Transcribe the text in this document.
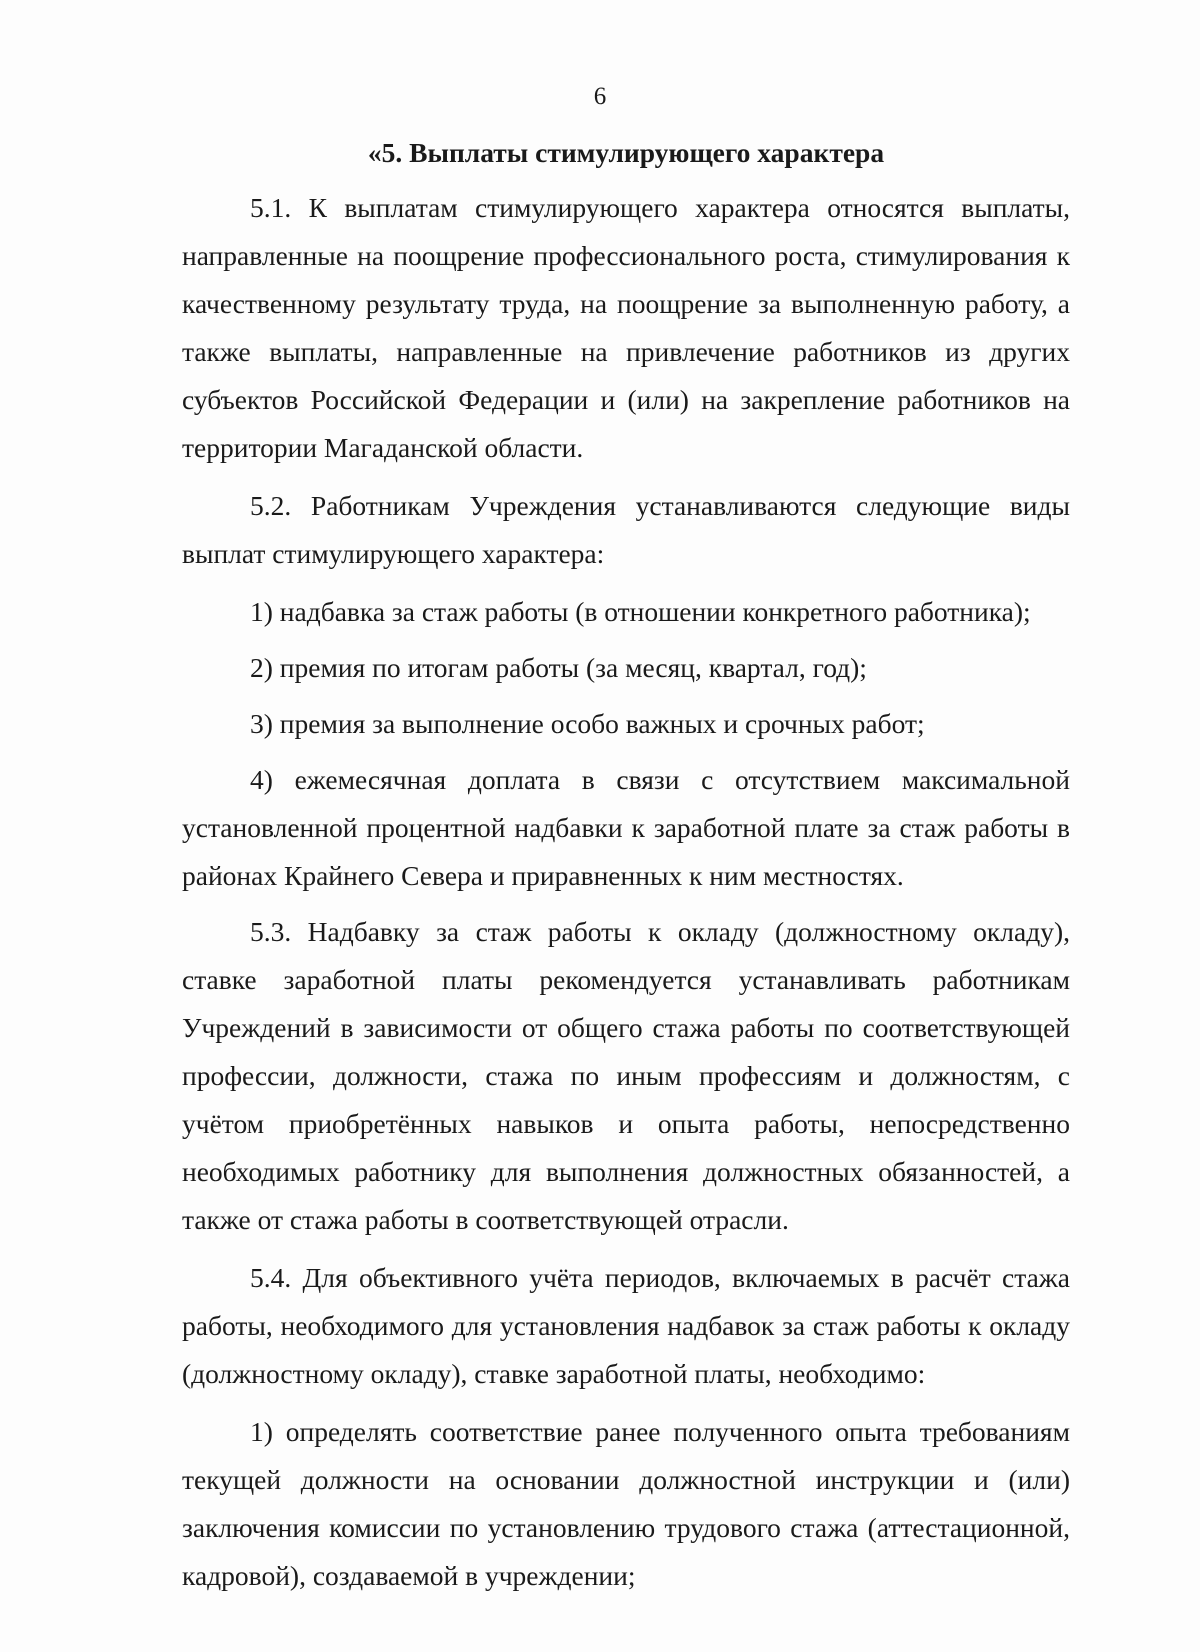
6
«5. Выплаты стимулирующего характера

5.1. К выплатам стимулирующего характера относятся выплаты, направленные на поощрение профессионального роста, стимулирования к качественному результату труда, на поощрение за выполненную работу, а также выплаты, направленные на привлечение работников из других субъектов Российской Федерации и (или) на закрепление работников на территории Магаданской области.

5.2. Работникам Учреждения устанавливаются следующие виды выплат стимулирующего характера:

1) надбавка за стаж работы (в отношении конкретного работника);

2) премия по итогам работы (за месяц, квартал, год);

3) премия за выполнение особо важных и срочных работ;

4) ежемесячная доплата в связи с отсутствием максимальной установленной процентной надбавки к заработной плате за стаж работы в районах Крайнего Севера и приравненных к ним местностях.

5.3. Надбавку за стаж работы к окладу (должностному окладу), ставке заработной платы рекомендуется устанавливать работникам Учреждений в зависимости от общего стажа работы по соответствующей профессии, должности, стажа по иным профессиям и должностям, с учётом приобретённых навыков и опыта работы, непосредственно необходимых работнику для выполнения должностных обязанностей, а также от стажа работы в соответствующей отрасли.

5.4. Для объективного учёта периодов, включаемых в расчёт стажа работы, необходимого для установления надбавок за стаж работы к окладу (должностному окладу), ставке заработной платы, необходимо:

1) определять соответствие ранее полученного опыта требованиям текущей должности на основании должностной инструкции и (или) заключения комиссии по установлению трудового стажа (аттестационной, кадровой), создаваемой в учреждении;
